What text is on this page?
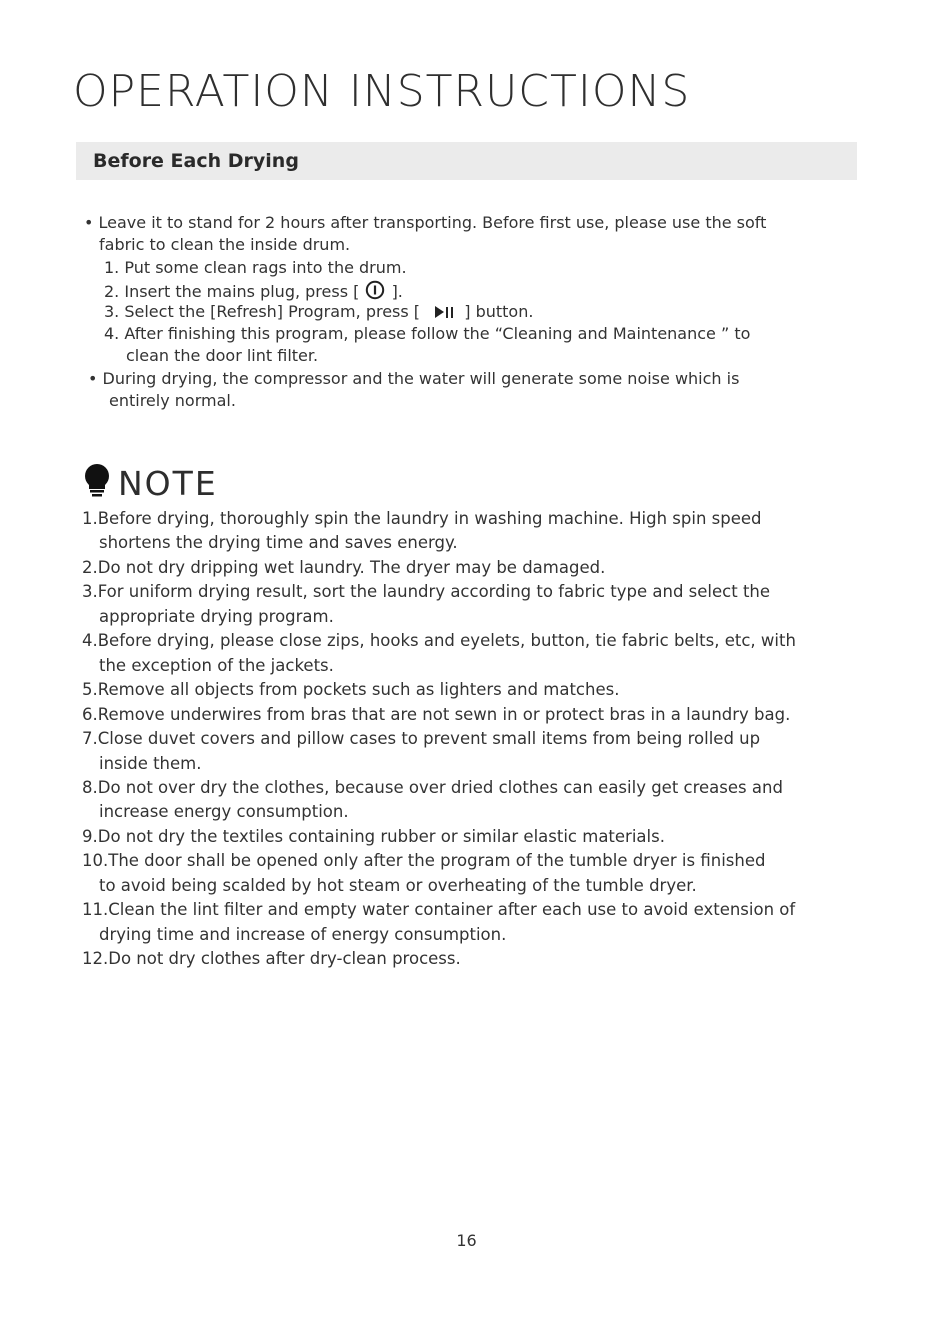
OPERATION INSTRUCTIONS
Before Each Drying
• Leave it to stand for 2 hours after transporting. Before first use, please use the soft
fabric to clean the inside drum.
1. Put some clean rags into the drum.
2. Insert the mains plug, press [ ].
3. Select the [Refresh] Program, press [	] button.
4. After finishing this program, please follow the “Cleaning and Maintenance ” to
clean the door lint filter.
• During drying, the compressor and the water will generate some noise which is
entirely normal.
NOTE
1.Before drying, thoroughly spin the laundry in washing machine. High spin speed
shortens the drying time and saves energy.
2.Do not dry dripping wet laundry. The dryer may be damaged.
3.For uniform drying result, sort the laundry according to fabric type and select the
appropriate drying program.
4.Before drying, please close zips, hooks and eyelets, button, tie fabric belts, etc, with
the exception of the jackets.
5.Remove all objects from pockets such as lighters and matches.
6.Remove underwires from bras that are not sewn in or protect bras in a laundry bag.
7.Close duvet covers and pillow cases to prevent small items from being rolled up
inside them.
8.Do not over dry the clothes, because over dried clothes can easily get creases and
increase energy consumption.
9.Do not dry the textiles containing rubber or similar elastic materials.
10.The door shall be opened only after the program of the tumble dryer is finished
to avoid being scalded by hot steam or overheating of the tumble dryer.
11.Clean the lint filter and empty water container after each use to avoid extension of
drying time and increase of energy consumption.
12.Do not dry clothes after dry-clean process.
16
